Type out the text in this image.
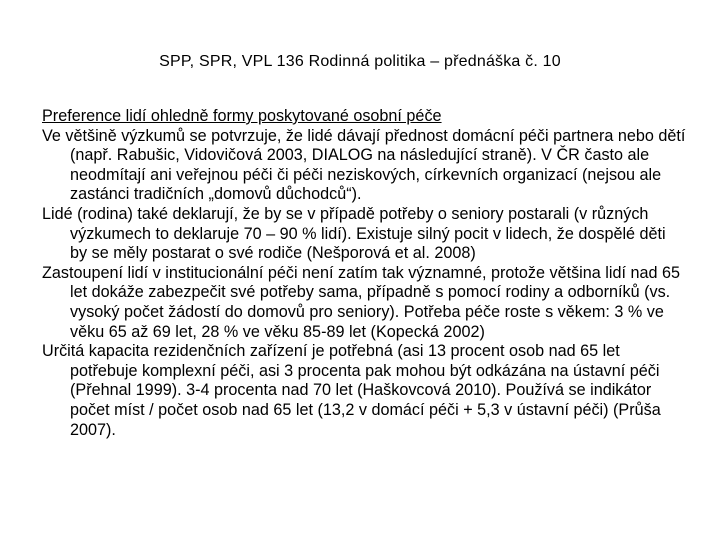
SPP, SPR, VPL 136 Rodinná politika – přednáška č. 10
Preference lidí ohledně formy poskytované osobní péče

Ve většině výzkumů se potvrzuje, že lidé dávají přednost domácní péči partnera nebo dětí (např. Rabušic, Vidovičová 2003, DIALOG na následující straně). V ČR často ale neodmítají ani veřejnou péči či péči neziskových, církevních organizací (nejsou ale zastánci tradičních „domovů důchodců“).

Lidé (rodina) také deklarují, že by se v případě potřeby o seniory postarali (v různých výzkumech to deklaruje 70 – 90 % lidí). Existuje silný pocit v lidech, že dospělé děti by se měly postarat o své rodiče (Nešporová et al. 2008)

Zastoupení lidí v institucionální péči není zatím tak významné, protože většina lidí nad 65 let dokáže zabezpečit své potřeby sama, případně s pomocí rodiny a odborníků (vs. vysoký počet žádostí do domovů pro seniory). Potřeba péče roste s věkem: 3 % ve věku 65 až 69 let, 28 % ve věku 85-89 let (Kopecká 2002)

Určitá kapacita rezidenčních zařízení je potřebná (asi 13 procent osob nad 65 let potřebuje komplexní péči, asi 3 procenta pak mohou být odkázána na ústavní péči (Přehnal 1999). 3-4 procenta nad 70 let (Haškovcová 2010). Používá se indikátor počet míst / počet osob nad 65 let (13,2 v domácí péči + 5,3 v ústavní péči) (Průša 2007).
